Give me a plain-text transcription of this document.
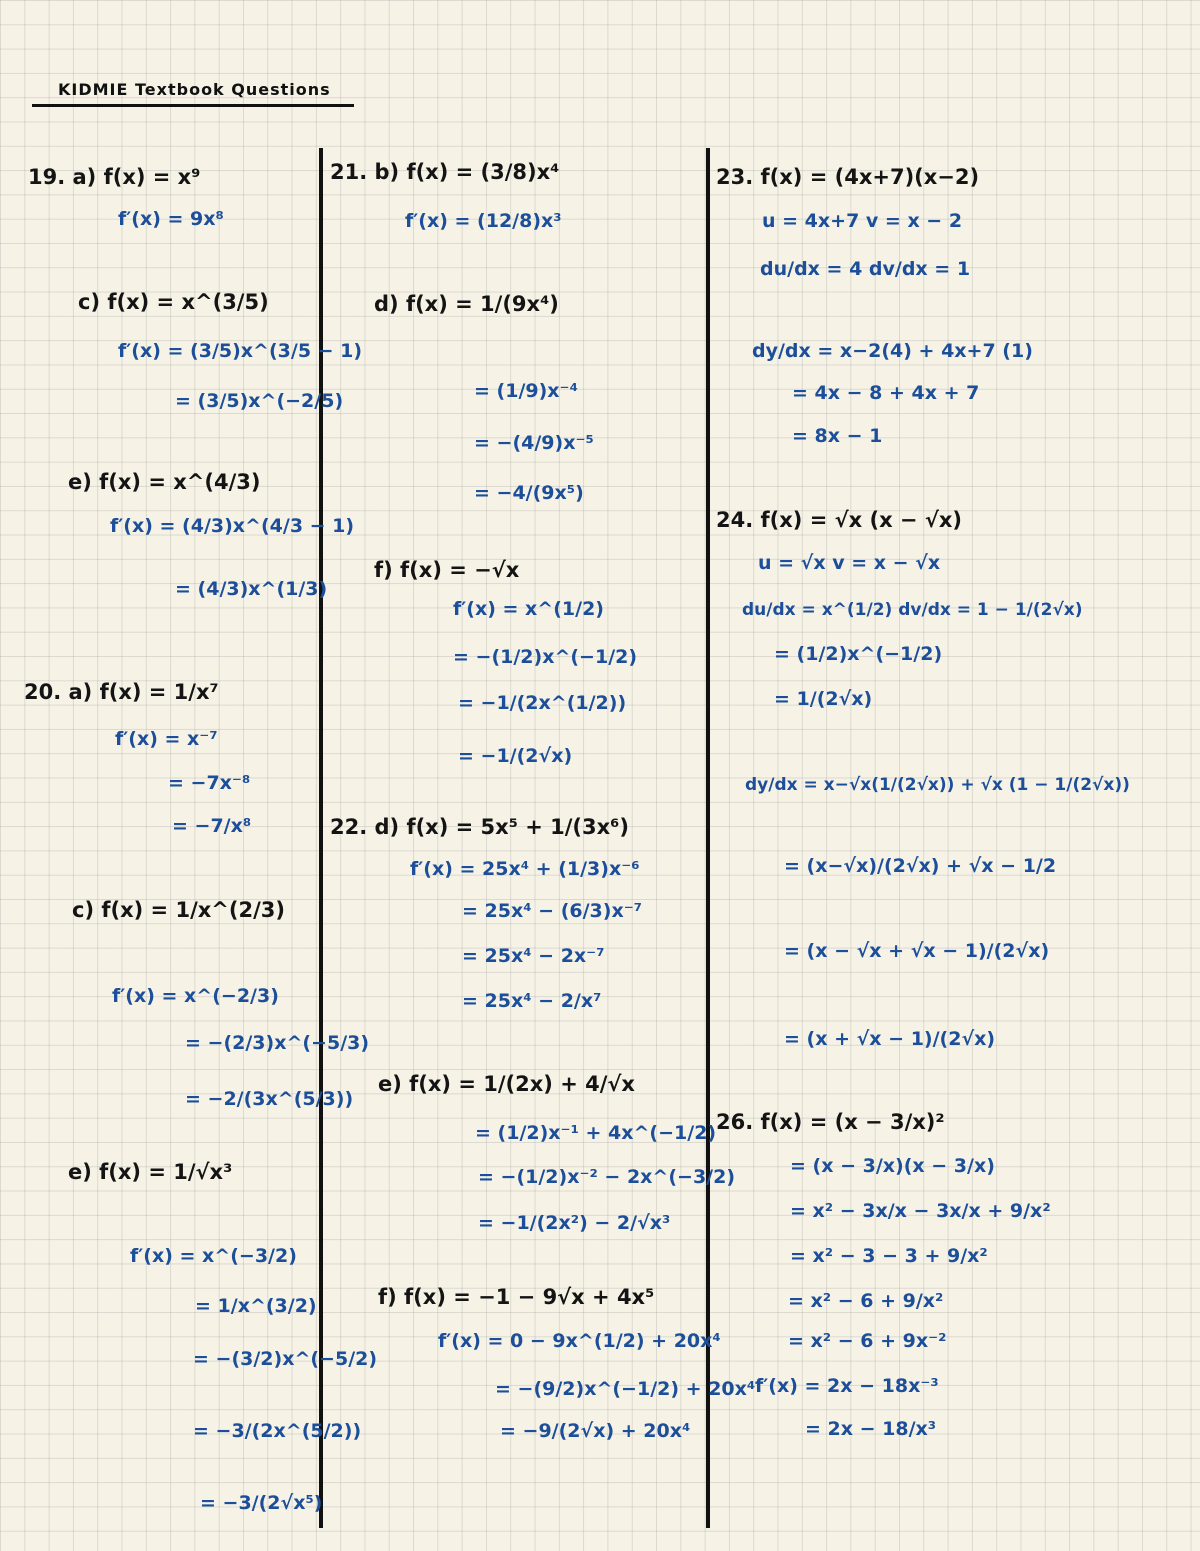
KIDMIE Textbook Questions
19. a) f(x) = x⁹
f′(x) = 9x⁸
c) f(x) = x^(3/5)
f′(x) = (3/5)x^(3/5 − 1)
= (3/5)x^(−2/5)
e) f(x) = x^(4/3)
f′(x) = (4/3)x^(4/3 − 1)
= (4/3)x^(1/3)
20. a) f(x) = 1/x⁷
f′(x) = x⁻⁷
= −7x⁻⁸
= −7/x⁸
c) f(x) = 1/x^(2/3)
f′(x) = x^(−2/3)
= −(2/3)x^(−5/3)
= −2/(3x^(5/3))
e) f(x) = 1/√x³
f′(x) = x^(−3/2)
= 1/x^(3/2)
= −(3/2)x^(−5/2)
= −3/(2x^(5/2))
= −3/(2√x⁵)
21. b) f(x) = (3/8)x⁴
f′(x) = (12/8)x³
d) f(x) = 1/(9x⁴)
= (1/9)x⁻⁴
= −(4/9)x⁻⁵
= −4/(9x⁵)
f) f(x) = −√x
f′(x) = x^(1/2)
= −(1/2)x^(−1/2)
= −1/(2x^(1/2))
= −1/(2√x)
22. d) f(x) = 5x⁵ + 1/(3x⁶)
f′(x) = 25x⁴ + (1/3)x⁻⁶
= 25x⁴ − (6/3)x⁻⁷
= 25x⁴ − 2x⁻⁷
= 25x⁴ − 2/x⁷
e) f(x) = 1/(2x) + 4/√x
= (1/2)x⁻¹ + 4x^(−1/2)
= −(1/2)x⁻² − 2x^(−3/2)
= −1/(2x²) − 2/√x³
f) f(x) = −1 − 9√x + 4x⁵
f′(x) = 0 − 9x^(1/2) + 20x⁴
= −(9/2)x^(−1/2) + 20x⁴
= −9/(2√x) + 20x⁴
23. f(x) = (4x+7)(x−2)
u = 4x+7 v = x − 2
du/dx = 4 dv/dx = 1
dy/dx = x−2(4) + 4x+7 (1)
= 4x − 8 + 4x + 7
= 8x − 1
24. f(x) = √x (x − √x)
u = √x v = x − √x
du/dx = x^(1/2) dv/dx = 1 − 1/(2√x)
= (1/2)x^(−1/2)
= 1/(2√x)
dy/dx = x−√x(1/(2√x)) + √x (1 − 1/(2√x))
= (x−√x)/(2√x) + √x − 1/2
= (x − √x + √x − 1)/(2√x)
= (x + √x − 1)/(2√x)
26. f(x) = (x − 3/x)²
= (x − 3/x)(x − 3/x)
= x² − 3x/x − 3x/x + 9/x²
= x² − 3 − 3 + 9/x²
= x² − 6 + 9/x²
= x² − 6 + 9x⁻²
f′(x) = 2x − 18x⁻³
= 2x − 18/x³
